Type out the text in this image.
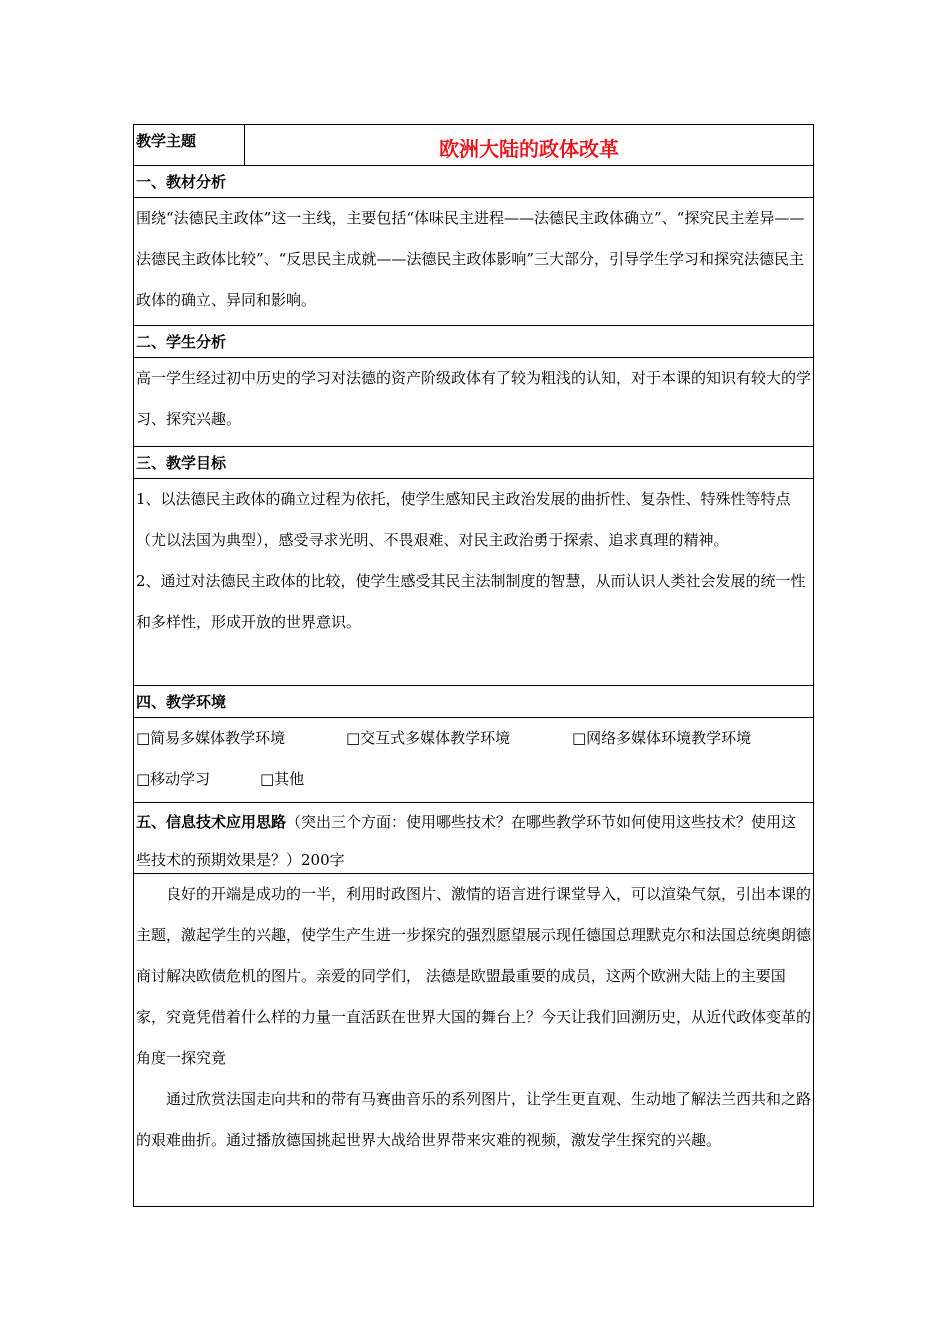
教学主题	欧洲大陆的政体改革
一、教材分析
围绕“法德民主政体”这一主线，主要包括“体味民主进程——法德民主政体确立”、“探究民主差异——法德民主政体比较”、“反思民主成就——法德民主政体影响”三大部分，引导学生学习和探究法德民主政体的确立、异同和影响。
二、学生分析
高一学生经过初中历史的学习对法德的资产阶级政体有了较为粗浅的认知，对于本课的知识有较大的学习、探究兴趣。
三、教学目标
1、以法德民主政体的确立过程为依托，使学生感知民主政治发展的曲折性、复杂性、特殊性等特点（尤以法国为典型），感受寻求光明、不畏艰难、对民主政治勇于探索、追求真理的精神。
2、通过对法德民主政体的比较，使学生感受其民主法制制度的智慧，从而认识人类社会发展的统一性和多样性，形成开放的世界意识。
四、教学环境
□简易多媒体教学环境	□交互式多媒体教学环境	□网络多媒体环境教学环境
□移动学习	□其他
五、信息技术应用思路（突出三个方面：使用哪些技术？在哪些教学环节如何使用这些技术？使用这些技术的预期效果是？）200字
良好的开端是成功的一半，利用时政图片、激情的语言进行课堂导入，可以渲染气氛，引出本课的主题，激起学生的兴趣，使学生产生进一步探究的强烈愿望展示现任德国总理默克尔和法国总统奥朗德商讨解决欧债危机的图片。亲爱的同学们， 法德是欧盟最重要的成员，这两个欧洲大陆上的主要国家，究竟凭借着什么样的力量一直活跃在世界大国的舞台上？今天让我们回溯历史，从近代政体变革的角度一探究竟
通过欣赏法国走向共和的带有马赛曲音乐的系列图片，让学生更直观、生动地了解法兰西共和之路的艰难曲折。通过播放德国挑起世界大战给世界带来灾难的视频，激发学生探究的兴趣。
